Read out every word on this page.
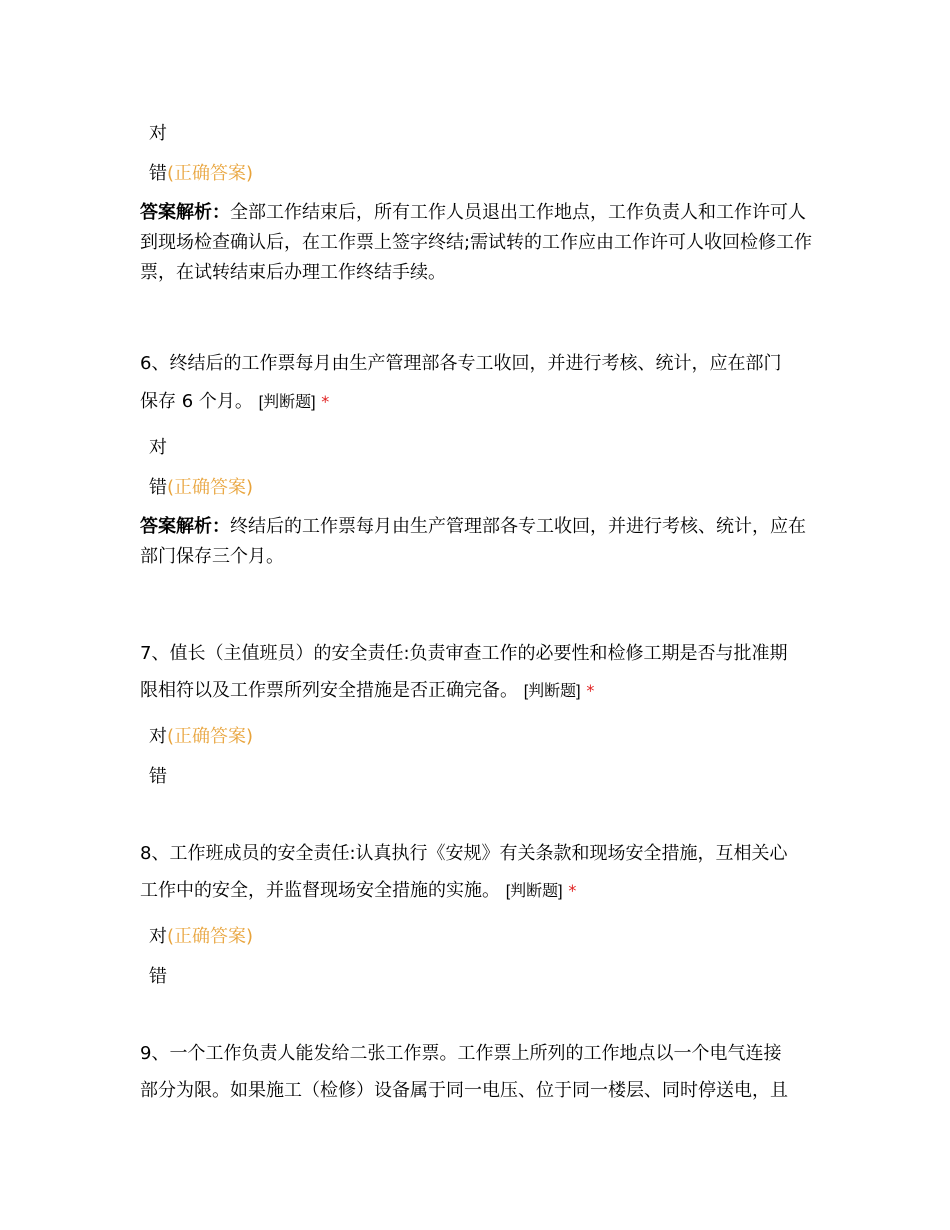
对
错(正确答案)
答案解析：全部工作结束后，所有工作人员退出工作地点，工作负责人和工作许可人到现场检查确认后，在工作票上签字终结;需试转的工作应由工作许可人收回检修工作票，在试转结束后办理工作终结手续。
6、终结后的工作票每月由生产管理部各专工收回，并进行考核、统计，应在部门
保存 6 个月。 [判断题] *
对
错(正确答案)
答案解析：终结后的工作票每月由生产管理部各专工收回，并进行考核、统计，应在部门保存三个月。
7、值长（主值班员）的安全责任:负责审查工作的必要性和检修工期是否与批准期
限相符以及工作票所列安全措施是否正确完备。 [判断题] *
对(正确答案)
错
8、工作班成员的安全责任:认真执行《安规》有关条款和现场安全措施，互相关心
工作中的安全，并监督现场安全措施的实施。 [判断题] *
对(正确答案)
错
9、一个工作负责人能发给二张工作票。工作票上所列的工作地点以一个电气连接
部分为限。如果施工（检修）设备属于同一电压、位于同一楼层、同时停送电，且
